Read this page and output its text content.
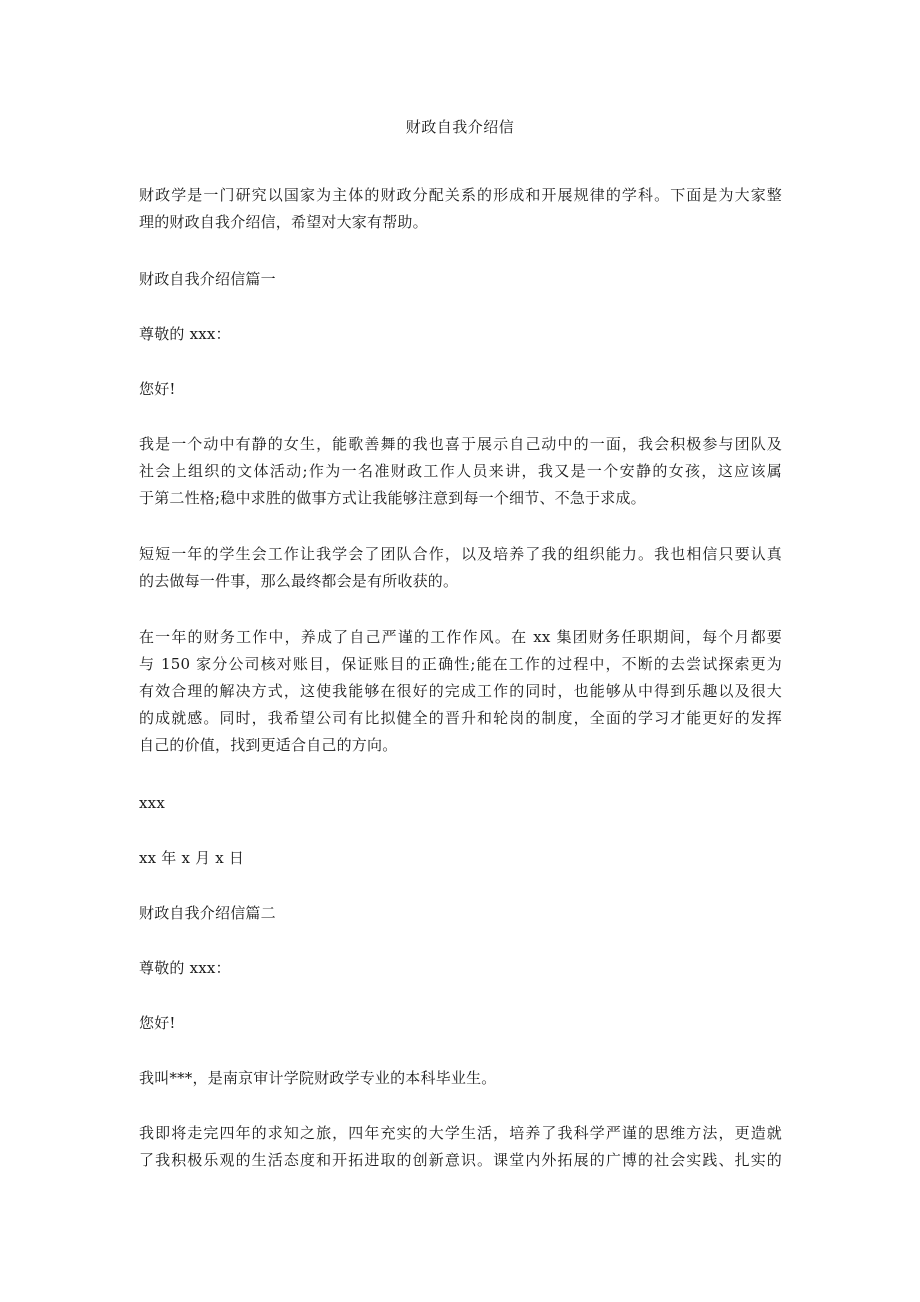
财政自我介绍信
财政学是一门研究以国家为主体的财政分配关系的形成和开展规律的学科。下面是为大家整
理的财政自我介绍信，希望对大家有帮助。
财政自我介绍信篇一
尊敬的 xxx：
您好!
我是一个动中有静的女生，能歌善舞的我也喜于展示自己动中的一面，我会积极参与团队及
社会上组织的文体活动;作为一名准财政工作人员来讲，我又是一个安静的女孩，这应该属
于第二性格;稳中求胜的做事方式让我能够注意到每一个细节、不急于求成。
短短一年的学生会工作让我学会了团队合作，以及培养了我的组织能力。我也相信只要认真
的去做每一件事，那么最终都会是有所收获的。
在一年的财务工作中，养成了自己严谨的工作作风。在 xx 集团财务任职期间，每个月都要
与 150 家分公司核对账目，保证账目的正确性;能在工作的过程中，不断的去尝试探索更为
有效合理的解决方式，这使我能够在很好的完成工作的同时，也能够从中得到乐趣以及很大
的成就感。同时，我希望公司有比拟健全的晋升和轮岗的制度，全面的学习才能更好的发挥
自己的价值，找到更适合自己的方向。
xxx
xx 年 x 月 x 日
财政自我介绍信篇二
尊敬的 xxx：
您好!
我叫***，是南京审计学院财政学专业的本科毕业生。
我即将走完四年的求知之旅，四年充实的大学生活，培养了我科学严谨的思维方法，更造就
了我积极乐观的生活态度和开拓进取的创新意识。课堂内外拓展的广博的社会实践、扎实的
